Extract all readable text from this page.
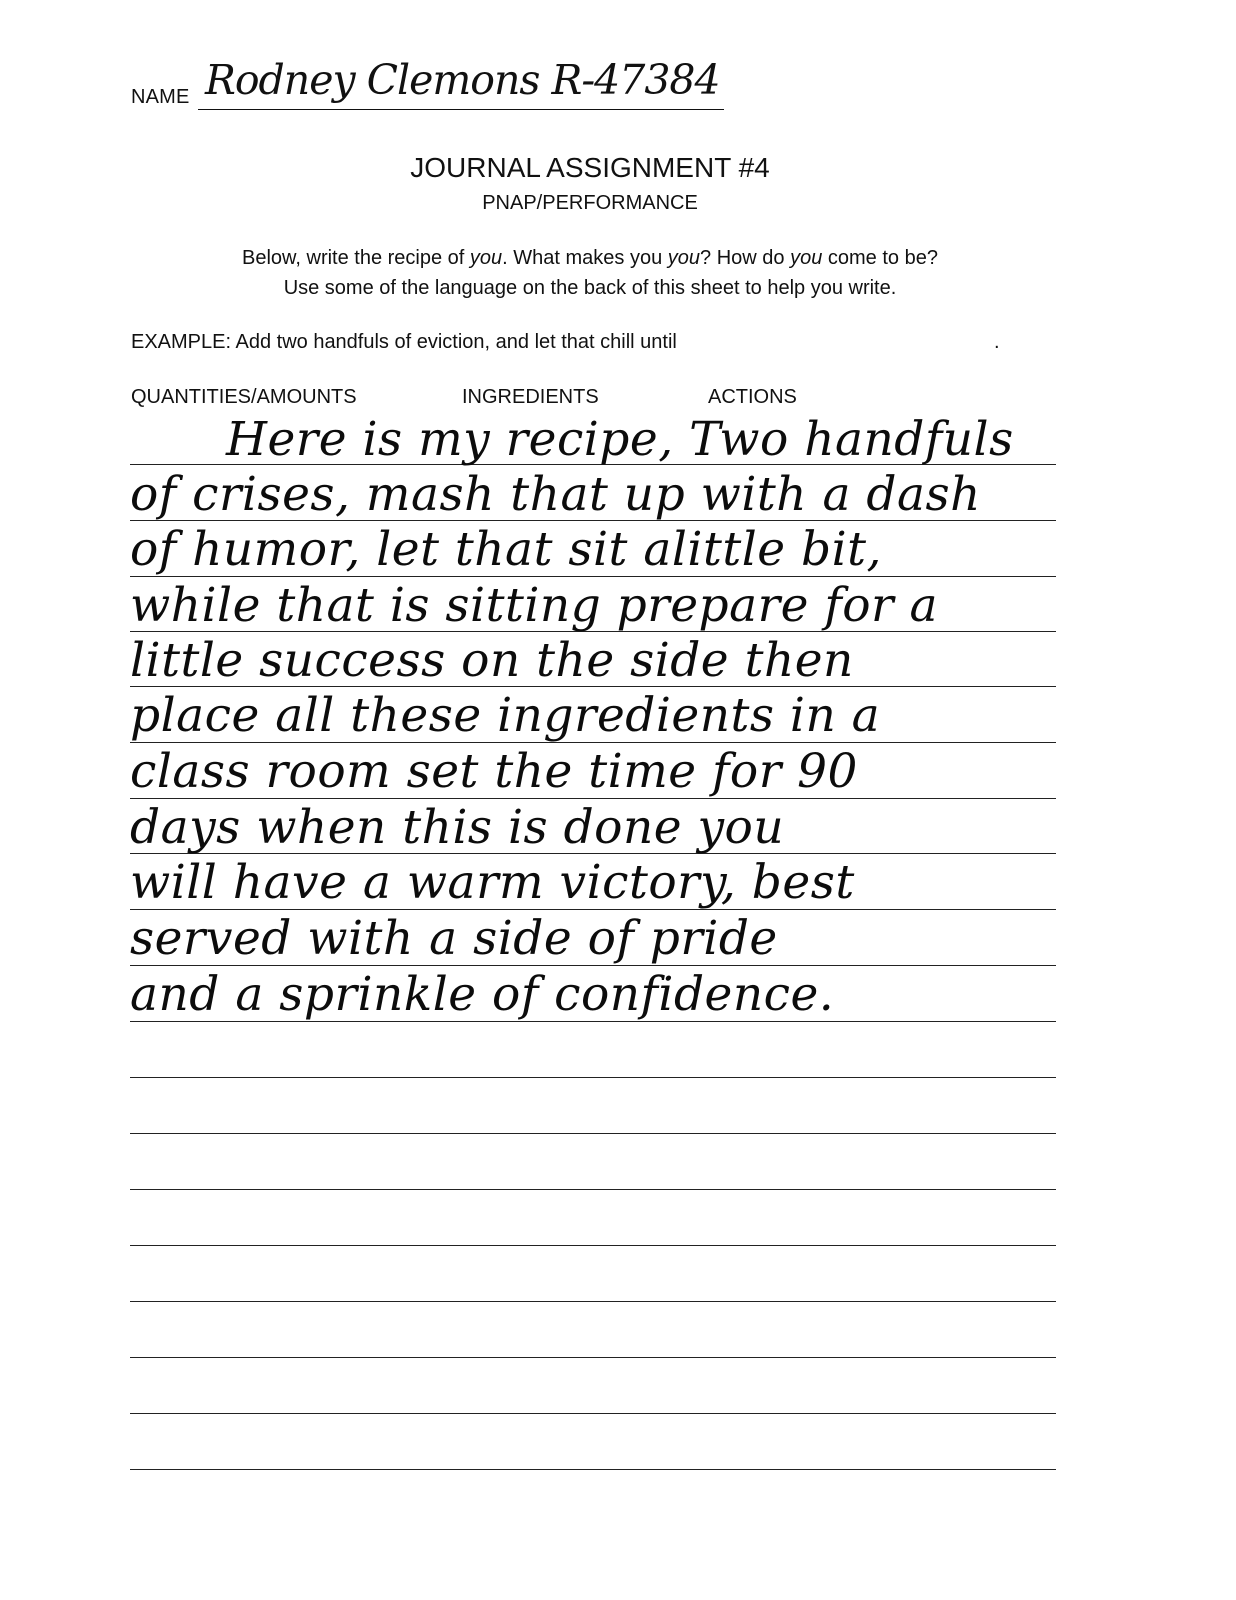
NAME Rodney Clemons R-47384
JOURNAL ASSIGNMENT #4
PNAP/PERFORMANCE
Below, write the recipe of you. What makes you you? How do you come to be?
Use some of the language on the back of this sheet to help you write.
EXAMPLE: Add two handfuls of eviction, and let that chill until	.
QUANTITIES/AMOUNTS	INGREDIENTS	ACTIONS
Here is my recipe, Two handfuls
of crises, mash that up with a dash
of humor, let that sit alittle bit,
while that is sitting prepare for a
little success on the side then
place all these ingredients in a
class room set the time for 90
days when this is done you
will have a warm victory, best
served with a side of pride
and a sprinkle of confidence.
